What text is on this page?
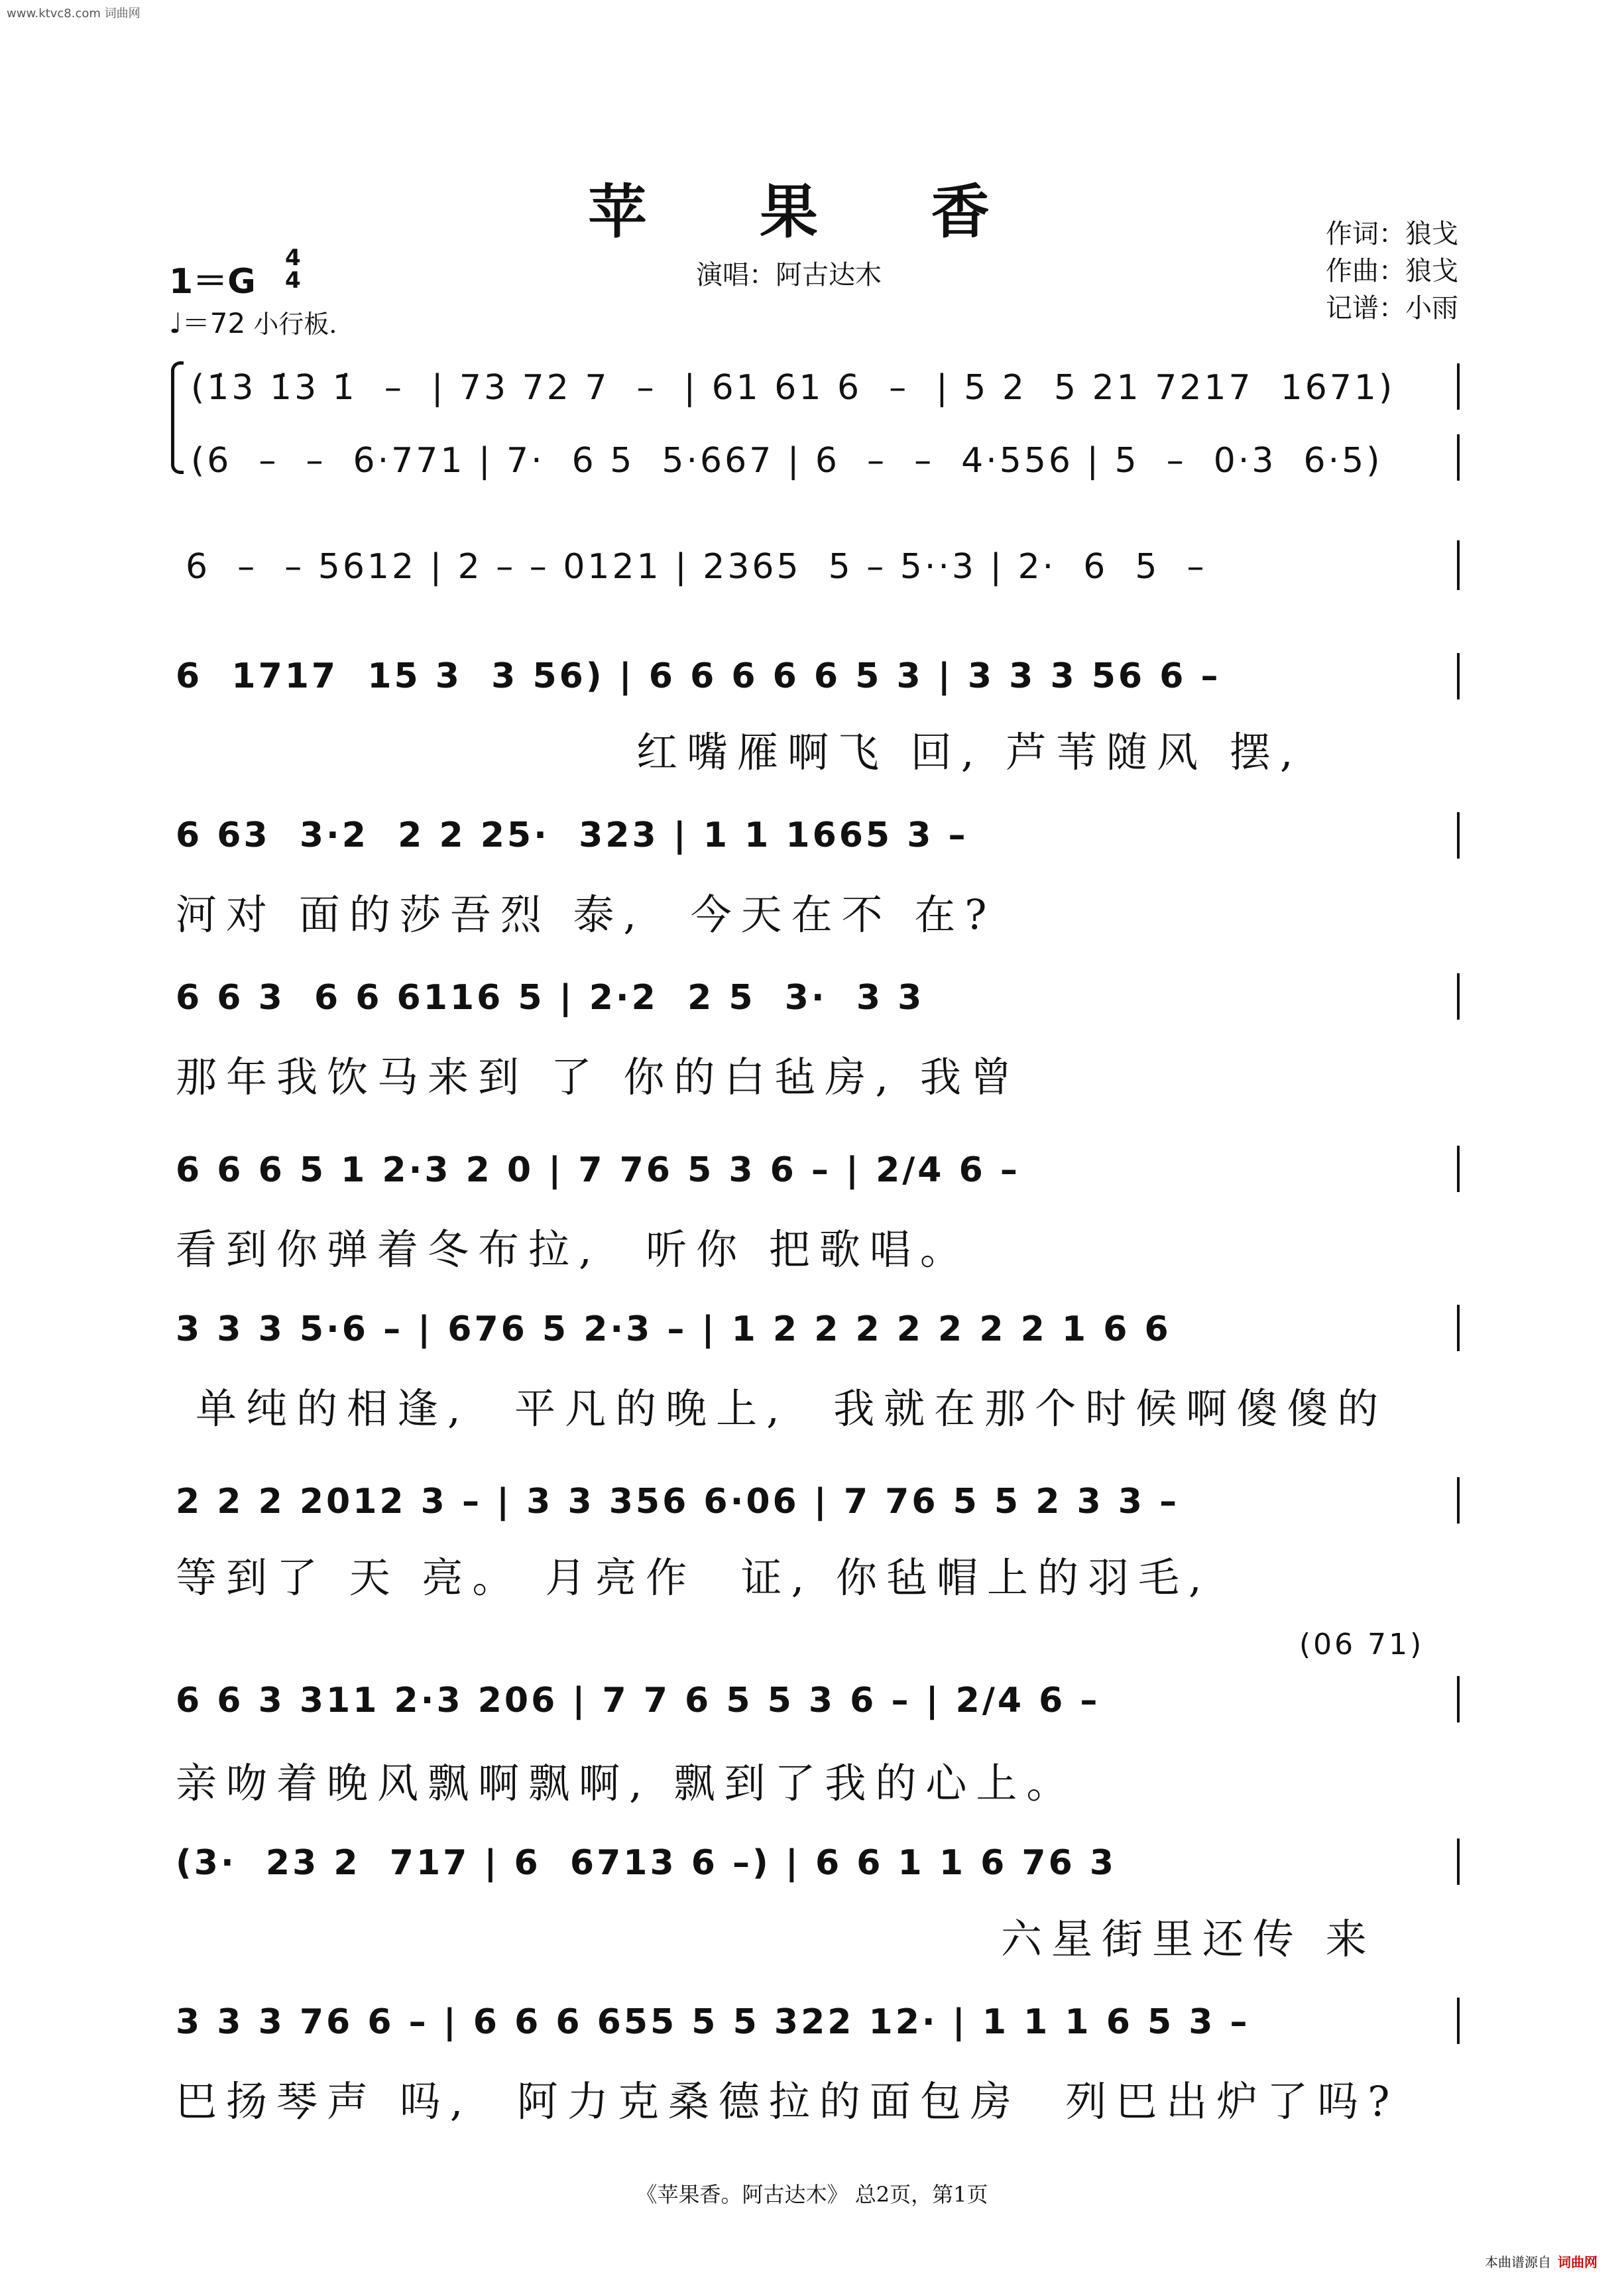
www.ktvc8.com 词曲网
苹 果 香	作词：狼戈
作曲：狼戈
记谱：小雨
演唱：阿古达木
1＝G
4
4
♩＝72 小行板.
(1̇3 1̇3 1̇  –  | 73 72 7  –  | 61 61 6  –  | 5 2  5 21 7217  1671)
(6  –  –  6·771 | 7·  6 5  5·667 | 6  –  –  4·556 | 5  –  0·3  6·5)
6  –  – 5612 | 2 – – 0121 | 2365  5 – 5··3 | 2·  6  5  –
6  1717  15 3  3 56) | 6 6 6 6 6 5 3 | 3 3 3 56 6 –
红嘴雁啊飞 回, 芦苇随风 摆,
6 63  3·2  2 2 25·  323 | 1 1 1665 3 –
河对 面的莎吾烈 泰,  今天在不 在?
6 6 3  6 6 6116 5 | 2·2  2 5  3·  3 3
那年我饮马来到 了 你的白毡房, 我曾
6 6 6 5 1 2·3 2 0 | 7 76 5 3 6 – | 2/4 6 –
看到你弹着冬布拉,  听你 把歌唱。
3 3 3 5·6 – | 676 5 2·3 – | 1 2 2 2 2 2 2 2 1 6 6
单纯的相逢,  平凡的晚上,  我就在那个时候啊傻傻的
2 2 2 2012 3 – | 3 3 356 6·06 | 7 76 5 5 2 3 3 –
等到了 天 亮。 月亮作  证, 你毡帽上的羽毛,
(06 71)
6 6 3 311 2·3 206 | 7 7 6 5 5 3 6 – | 2/4 6 –
亲吻着晚风飘啊飘啊, 飘到了我的心上。
(3·  23 2  717 | 6  6713 6 –) | 6 6 1 1 6 76 3
六星街里还传 来
3 3 3 76 6 – | 6 6 6 655 5 5 322 12· | 1 1 1 6 5 3 –
巴扬琴声 吗,  阿力克桑德拉的面包房  列巴出炉了吗?
《苹果香。阿古达木》 总2页，第1页
本曲谱源自 词曲网
